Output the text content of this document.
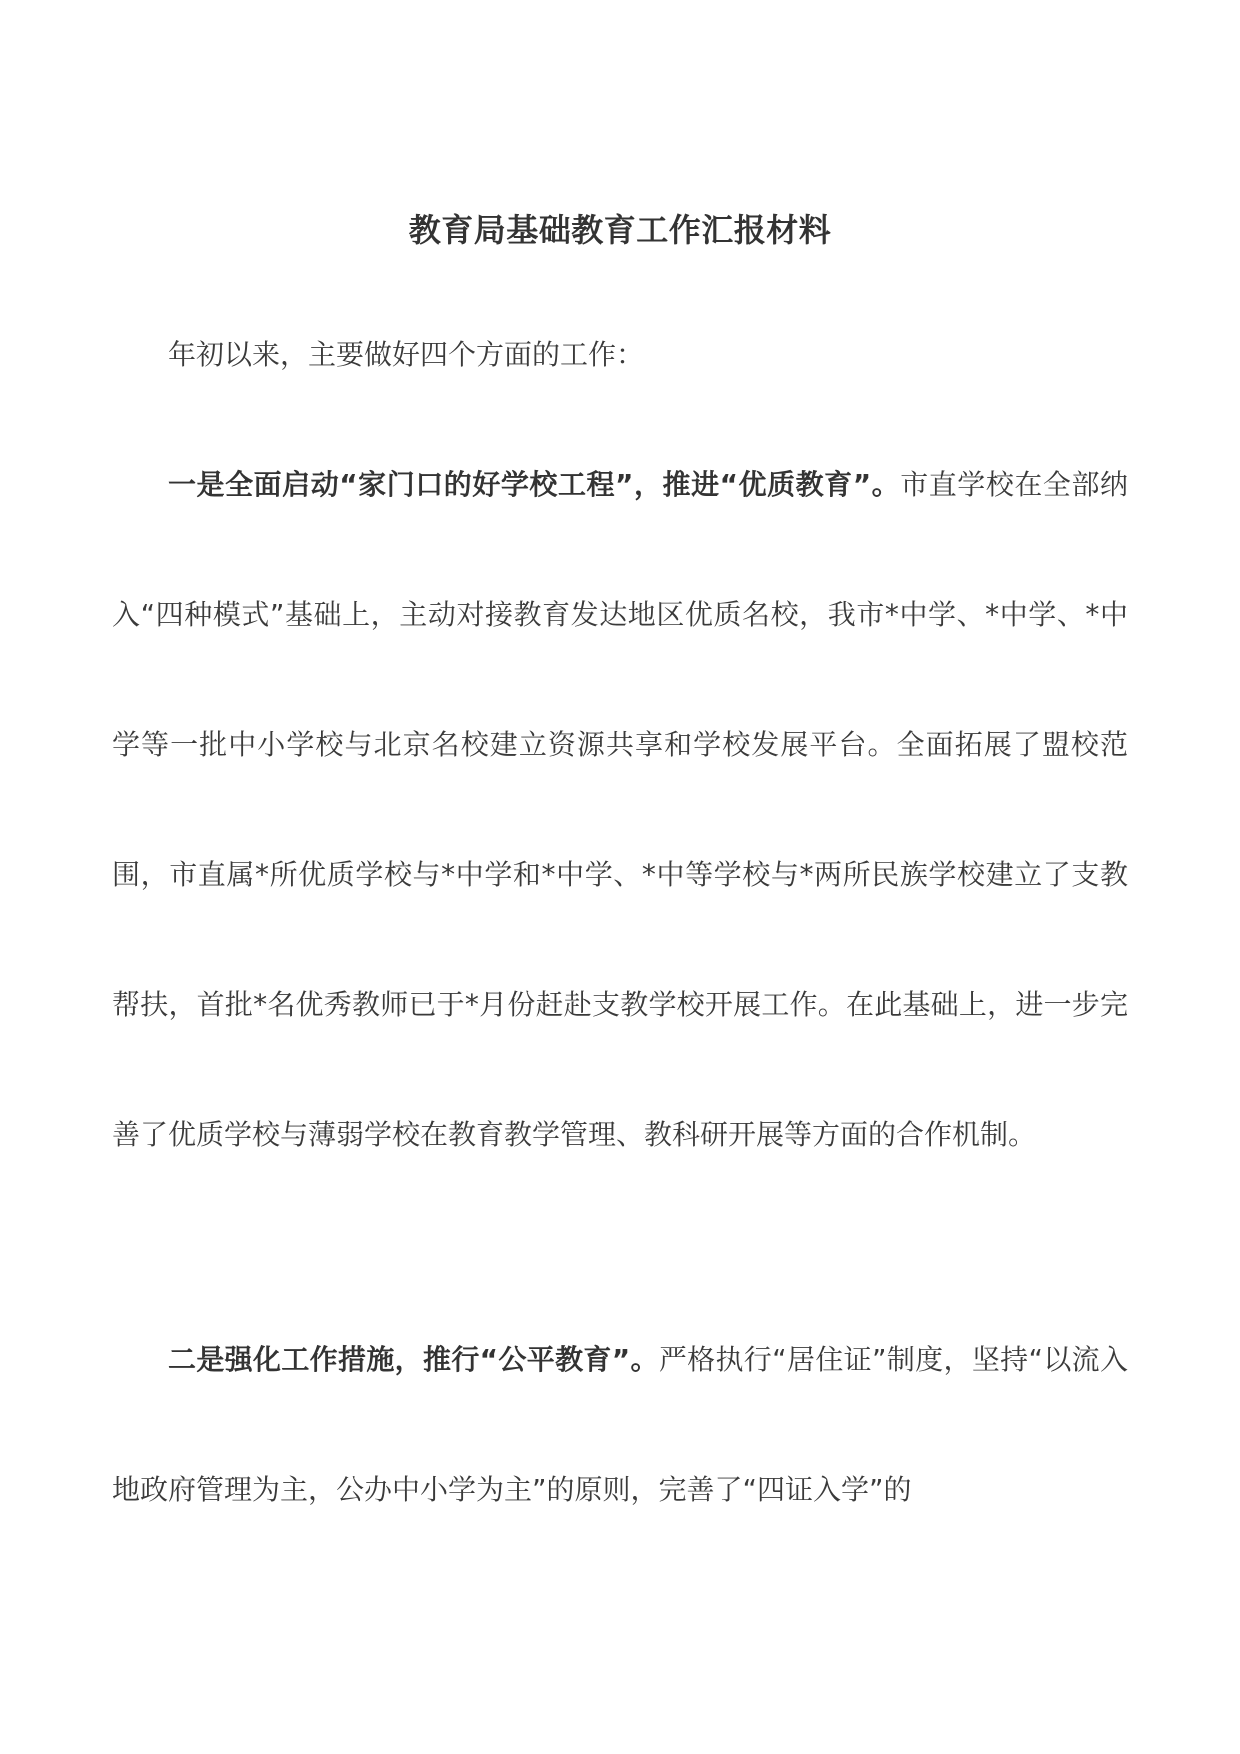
教育局基础教育工作汇报材料

年初以来，主要做好四个方面的工作：

一是全面启动“家门口的好学校工程”，推进“优质教育”。市直学校在全部纳入“四种模式”基础上，主动对接教育发达地区优质名校，我市*中学、*中学、*中学等一批中小学校与北京名校建立资源共享和学校发展平台。全面拓展了盟校范围，市直属*所优质学校与*中学和*中学、*中等学校与*两所民族学校建立了支教帮扶，首批*名优秀教师已于*月份赶赴支教学校开展工作。在此基础上，进一步完善了优质学校与薄弱学校在教育教学管理、教科研开展等方面的合作机制。

二是强化工作措施，推行“公平教育”。严格执行“居住证”制度，坚持“以流入地政府管理为主，公办中小学为主”的原则，完善了“四证入学”的
